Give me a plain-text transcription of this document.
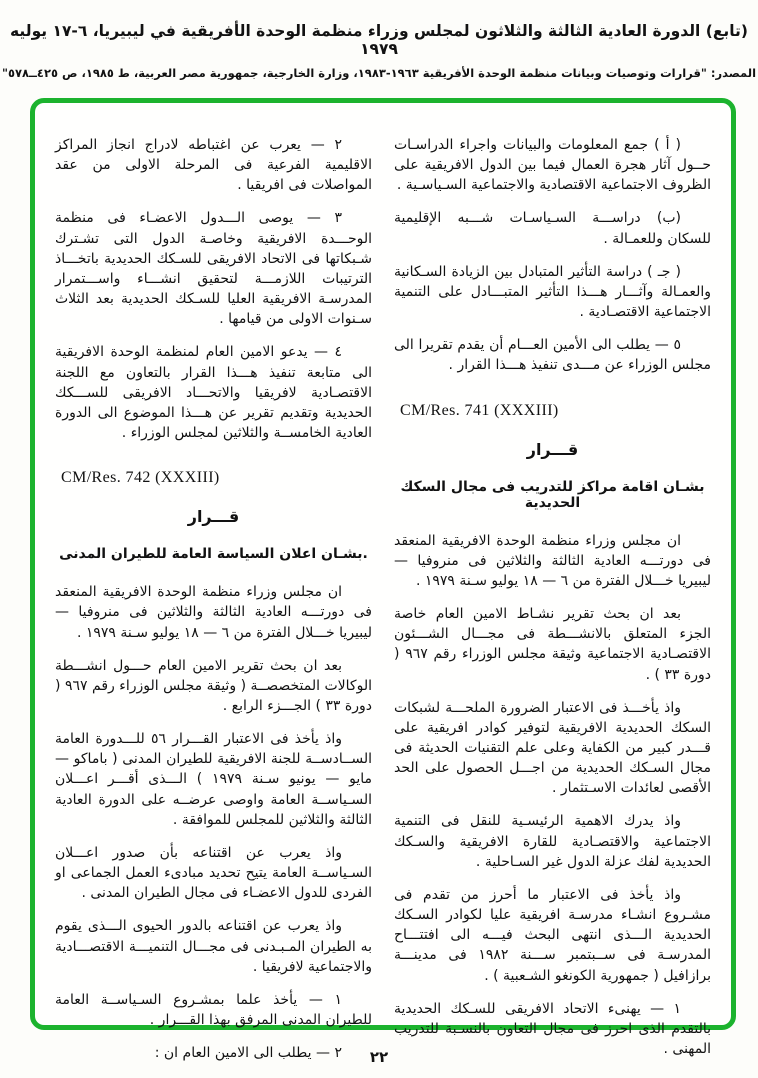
(تابع) الدورة العادية الثالثة والثلاثون لمجلس وزراء منظمة الوحدة الأفريقية في ليبيريا، ٦-١٧ يوليه ١٩٧٩
المصدر: "قرارات وتوصيات وبيانات منظمة الوحدة الأفريقية ١٩٦٣-١٩٨٣، وزارة الخارجية، جمهورية مصر العربية، ط ١٩٨٥، ص ٤٢٥ــ٥٧٨"

( أ ) جمع المعلومات والبيانات واجراء الدراسـات حــول آثار هجرة العمال فيما بين الدول الافريقية على الظروف الاجتماعية الاقتصادية والاجتماعية السـياسـية .

(ب) دراســـة السـياسـات شـــبه الإقليمية للسكان وللعمـالة .

( جـ ) دراسة التأثير المتبادل بين الزيادة السـكانية والعمـالة وآثـــار هـــذا التأثير المتبـــادل على التنمية الاجتماعية الاقتصـادية .

٥ — يطلب الى الأمين العـــام أن يقدم تقريرا الى مجلس الوزراء عن مـــدى تنفيذ هـــذا القرار .

CM/Res. 741 (XXXIII)
قـــرار
بشـان اقامة مراكز للتدريب فى مجال السكك الحديدية

ان مجلس وزراء منظمة الوحدة الافريقية المنعقد فى دورتـــه العادية الثالثة والثلاثين فى منروفيا — ليبيريا خـــلال الفترة من ٦ — ١٨ يوليو سـنة ١٩٧٩ .

بعد ان بحث تقرير نشـاط الامين العام خاصة الجزء المتعلق بالانشـــطة فى مجـــال الشـــئون الاقتصـادية الاجتماعية وثيقة مجلس الوزراء رقم ٩٦٧ ( دورة ٣٣ ) .

واذ يأخـــذ فى الاعتبار الضرورة الملحـــة لشبكات السكك الحديدية الافريقية لتوفير كوادر افريقية على قـــدر كبير من الكفاية وعلى علم التقنيات الحديثة فى مجال السـكك الحديدية من اجـــل الحصول على الحد الأقصى لعائدات الاسـتثمار .

واذ يدرك الاهمية الرئيسـية للنقل فى التنمية الاجتماعية والاقتصـادية للقارة الافريقية والسـكك الحديدية لفك عزلة الدول غير السـاحلية .

واذ يأخذ فى الاعتبار ما أحرز من تقدم فى مشـروع انشـاء مدرسـة افريقية عليا لكوادر السـكك الحديدية الـــذى انتهى البحث فيـــه الى افتتـــاح المدرسـة فى ســبتمبر ســـنة ١٩٨٢ فى مدينـــة برازافيل ( جمهورية الكونغو الشـعبية ) .

١ — يهنىء الاتحاد الافريقى للسـكك الحديدية بالتقدم الذى احرز فى مجال التعاون بالنسـبة للتدريب المهنى .

٢ — يعرب عن اغتباطه لادراج انجاز المراكز الاقليمية الفرعية فى المرحلة الاولى من عقد المواصلات فى افريقيا .

٣ — يوصى الـــدول الاعضـاء فى منظمة الوحـــدة الافريقية وخاصـة الدول التى تشـترك شـبكاتها فى الاتحاد الافريقى للسـكك الحديدية باتخـــاذ الترتيبات اللازمـــة لتحقيق انشـــاء واســـتمرار المدرسـة الافريقية العليا للسـكك الحديدية بعد الثلاث سـنوات الاولى من قيامها .

٤ — يدعو الامين العام لمنظمة الوحدة الافريقية الى متابعة تنفيذ هـــذا القرار بالتعاون مع اللجنة الاقتصـادية لافريقيا والاتحـــاد الافريقى للســـكك الحديدية وتقديم تقرير عن هـــذا الموضوع الى الدورة العادية الخامســة والثلاثين لمجلس الوزراء .

CM/Res. 742 (XXXIII)
قـــرار
.بشـان اعلان السياسة العامة للطيران المدنى

ان مجلس وزراء منظمة الوحدة الافريقية المنعقد فى دورتـــه العادية الثالثة والثلاثين فى منروفيا — ليبيريا خـــلال الفترة من ٦ — ١٨ يوليو سـنة ١٩٧٩ .

بعد ان بحث تقرير الامين العام حـــول انشـــطة الوكالات المتخصصــة ( وثيقة مجلس الوزراء رقم ٩٦٧ ( دورة ٣٣ ) الجـــزء الرابع .

واذ يأخذ فى الاعتبار القـــرار ٥٦ للـــدورة العامة الســادســة للجنة الافريقية للطيران المدنى ( باماكو — مايو — يونيو سـنة ١٩٧٩ ) الـــذى أقـــر اعـــلان السـياســة العامة واوصى عرضــه على الدورة العادية الثالثة والثلاثين للمجلس للموافقة .

واذ يعرب عن اقتناعه بأن صدور اعـــلان السـياســة العامة يتيح تحديد مبادىء العمل الجماعى او الفردى للدول الاعضـاء فى مجال الطيران المدنى .

واذ يعرب عن اقتناعه بالدور الحيوى الـــذى يقوم به الطيران المـبـدنى فى مجـــال التنميـــة الاقتصـــادية والاجتماعية لافريقيا .

١ — يأخذ علما بمشـروع السـياســة العامة للطيران المدنى المرفق بهذا القـــرار .

٢ — يطلب الى الامين العام ان :	٢٢
